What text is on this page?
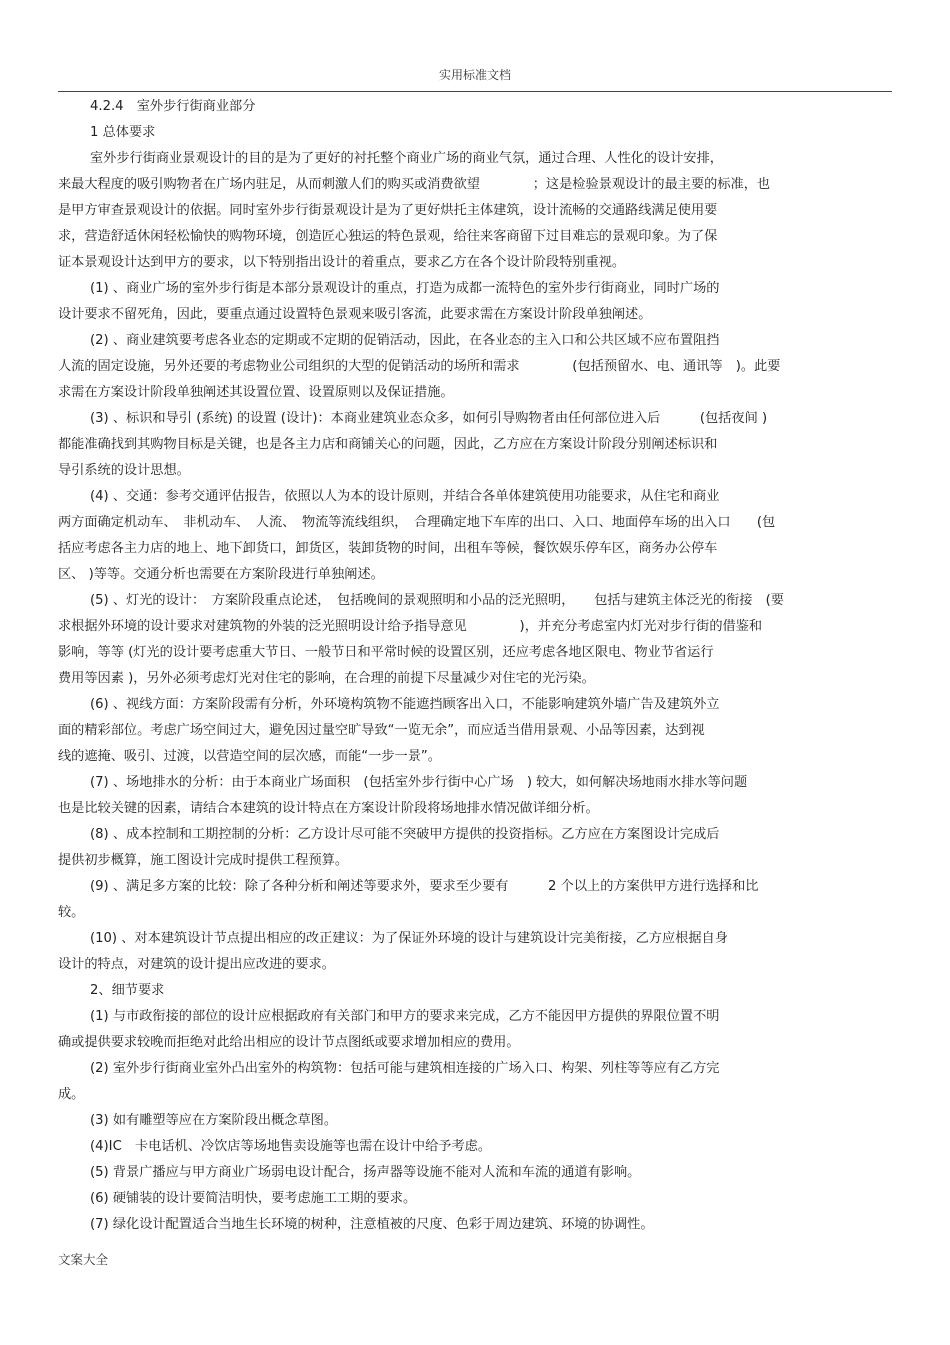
实用标准文档
4.2.4　室外步行街商业部分
1 总体要求
室外步行街商业景观设计的目的是为了更好的衬托整个商业广场的商业气氛，通过合理、人性化的设计安排，
来最大程度的吸引购物者在广场内驻足，从而刺激人们的购买或消费欲望　　　　；这是检验景观设计的最主要的标准，也
是甲方审查景观设计的依据。同时室外步行街景观设计是为了更好烘托主体建筑，设计流畅的交通路线满足使用要
求，营造舒适休闲轻松愉快的购物环境，创造匠心独运的特色景观，给往来客商留下过目难忘的景观印象。为了保
证本景观设计达到甲方的要求，以下特别指出设计的着重点，要求乙方在各个设计阶段特别重视。
(1) 、商业广场的室外步行街是本部分景观设计的重点，打造为成都一流特色的室外步行街商业，同时广场的
设计要求不留死角，因此，要重点通过设置特色景观来吸引客流，此要求需在方案设计阶段单独阐述。
(2) 、商业建筑要考虑各业态的定期或不定期的促销活动，因此，在各业态的主入口和公共区域不应布置阻挡
人流的固定设施，另外还要的考虑物业公司组织的大型的促销活动的场所和需求　　　　(包括预留水、电、通讯等　)。此要
求需在方案设计阶段单独阐述其设置位置、设置原则以及保证措施。
(3) 、标识和导引 (系统) 的设置 (设计)：本商业建筑业态众多，如何引导购物者由任何部位进入后　　　(包括夜间 )
都能准确找到其购物目标是关键，也是各主力店和商铺关心的问题，因此，乙方应在方案设计阶段分别阐述标识和
导引系统的设计思想。
(4) 、交通：参考交通评估报告，依照以人为本的设计原则，并结合各单体建筑使用功能要求，从住宅和商业
两方面确定机动车、　非机动车、　人流、　物流等流线组织，　合理确定地下车库的出口、入口、地面停车场的出入口　　(包
括应考虑各主力店的地上、地下卸货口，卸货区，装卸货物的时间，出租车等候，餐饮娱乐停车区，商务办公停车
区、 )等等。交通分析也需要在方案阶段进行单独阐述。
(5) 、灯光的设计：　方案阶段重点论述，　包括晚间的景观照明和小品的泛光照明，　　包括与建筑主体泛光的衔接　(要
求根据外环境的设计要求对建筑物的外装的泛光照明设计给予指导意见　　　　)，并充分考虑室内灯光对步行街的借鉴和
影响，等等 (灯光的设计要考虑重大节日、一般节日和平常时候的设置区别，还应考虑各地区限电、物业节省运行
费用等因素 )，另外必须考虑灯光对住宅的影响，在合理的前提下尽量减少对住宅的光污染。
(6) 、视线方面：方案阶段需有分析，外环境构筑物不能遮挡顾客出入口，不能影响建筑外墙广告及建筑外立
面的精彩部位。考虑广场空间过大，避免因过量空旷导致“一览无余”，而应适当借用景观、小品等因素，达到视
线的遮掩、吸引、过渡，以营造空间的层次感，而能“一步一景”。
(7) 、场地排水的分析：由于本商业广场面积　(包括室外步行街中心广场　) 较大，如何解决场地雨水排水等问题
也是比较关键的因素，请结合本建筑的设计特点在方案设计阶段将场地排水情况做详细分析。
(8) 、成本控制和工期控制的分析：乙方设计尽可能不突破甲方提供的投资指标。乙方应在方案图设计完成后
提供初步概算，施工图设计完成时提供工程预算。
(9) 、满足多方案的比较：除了各种分析和阐述等要求外，要求至少要有　　　2 个以上的方案供甲方进行选择和比
较。
(10) 、对本建筑设计节点提出相应的改正建议：为了保证外环境的设计与建筑设计完美衔接，乙方应根据自身
设计的特点，对建筑的设计提出应改进的要求。
2、细节要求
(1) 与市政衔接的部位的设计应根据政府有关部门和甲方的要求来完成，乙方不能因甲方提供的界限位置不明
确或提供要求较晚而拒绝对此给出相应的设计节点图纸或要求增加相应的费用。
(2) 室外步行街商业室外凸出室外的构筑物：包括可能与建筑相连接的广场入口、构架、列柱等等应有乙方完
成。
(3) 如有雕塑等应在方案阶段出概念草图。
(4)IC　卡电话机、冷饮店等场地售卖设施等也需在设计中给予考虑。
(5) 背景广播应与甲方商业广场弱电设计配合，扬声器等设施不能对人流和车流的通道有影响。
(6) 硬铺装的设计要简洁明快，要考虑施工工期的要求。
(7) 绿化设计配置适合当地生长环境的树种，注意植被的尺度、色彩于周边建筑、环境的协调性。
文案大全
